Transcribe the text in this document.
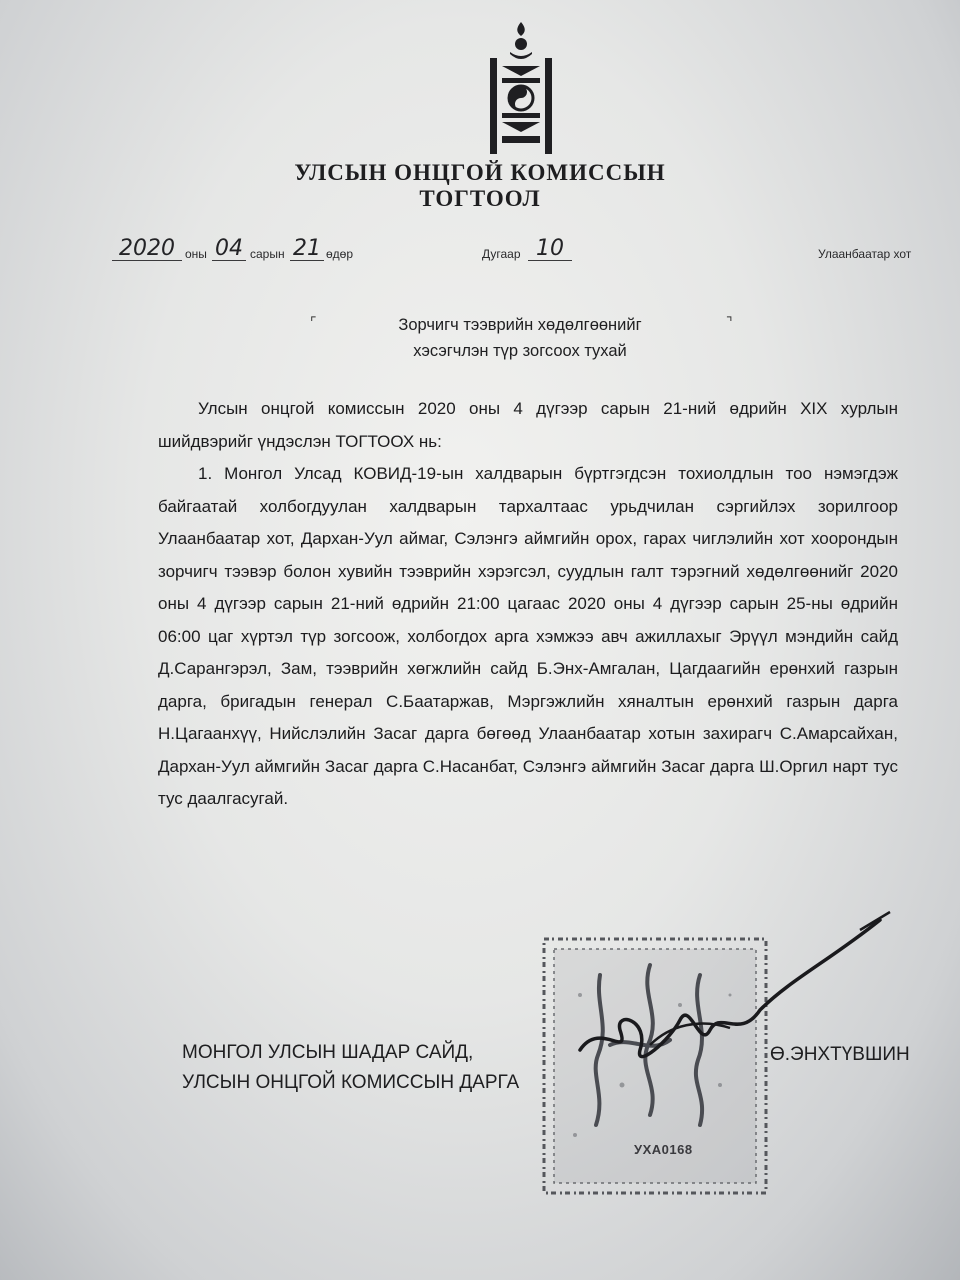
УЛСЫН ОНЦГОЙ КОМИССЫН
ТОГТООЛ
2020 оны 04 сарын 21 өдөр	Дугаар 10	Улаанбаатар хот
⌜	⌝
Зорчигч тээврийн хөдөлгөөнийг
хэсэгчлэн түр зогсоох тухай

Улсын онцгой комиссын 2020 оны 4 дүгээр сарын 21-ний өдрийн XIX хурлын шийдвэрийг үндэслэн ТОГТООХ нь:

1. Монгол Улсад КОВИД-19-ын халдварын бүртгэгдсэн тохиолдлын тоо нэмэгдэж байгаатай холбогдуулан халдварын тархалтаас урьдчилан сэргийлэх зорилгоор Улаанбаатар хот, Дархан-Уул аймаг, Сэлэнгэ аймгийн орох, гарах чиглэлийн хот хоорондын зорчигч тээвэр болон хувийн тээврийн хэрэгсэл, суудлын галт тэрэгний хөдөлгөөнийг 2020 оны 4 дүгээр сарын 21-ний өдрийн 21:00 цагаас 2020 оны 4 дүгээр сарын 25-ны өдрийн 06:00 цаг хүртэл түр зогсоож, холбогдох арга хэмжээ авч ажиллахыг Эрүүл мэндийн сайд Д.Сарангэрэл, Зам, тээврийн хөгжлийн сайд Б.Энх-Амгалан, Цагдаагийн ерөнхий газрын дарга, бригадын генерал С.Баатаржав, Мэргэжлийн хяналтын ерөнхий газрын дарга Н.Цагаанхүү, Нийслэлийн Засаг дарга бөгөөд Улаанбаатар хотын захирагч С.Амарсайхан, Дархан-Уул аймгийн Засаг дарга С.Насанбат, Сэлэнгэ аймгийн Засаг дарга Ш.Оргил нарт тус тус даалгасугай.

УХА0168
МОНГОЛ УЛСЫН ШАДАР САЙД,
УЛСЫН ОНЦГОЙ КОМИССЫН ДАРГА
Ө.ЭНХТҮВШИН
